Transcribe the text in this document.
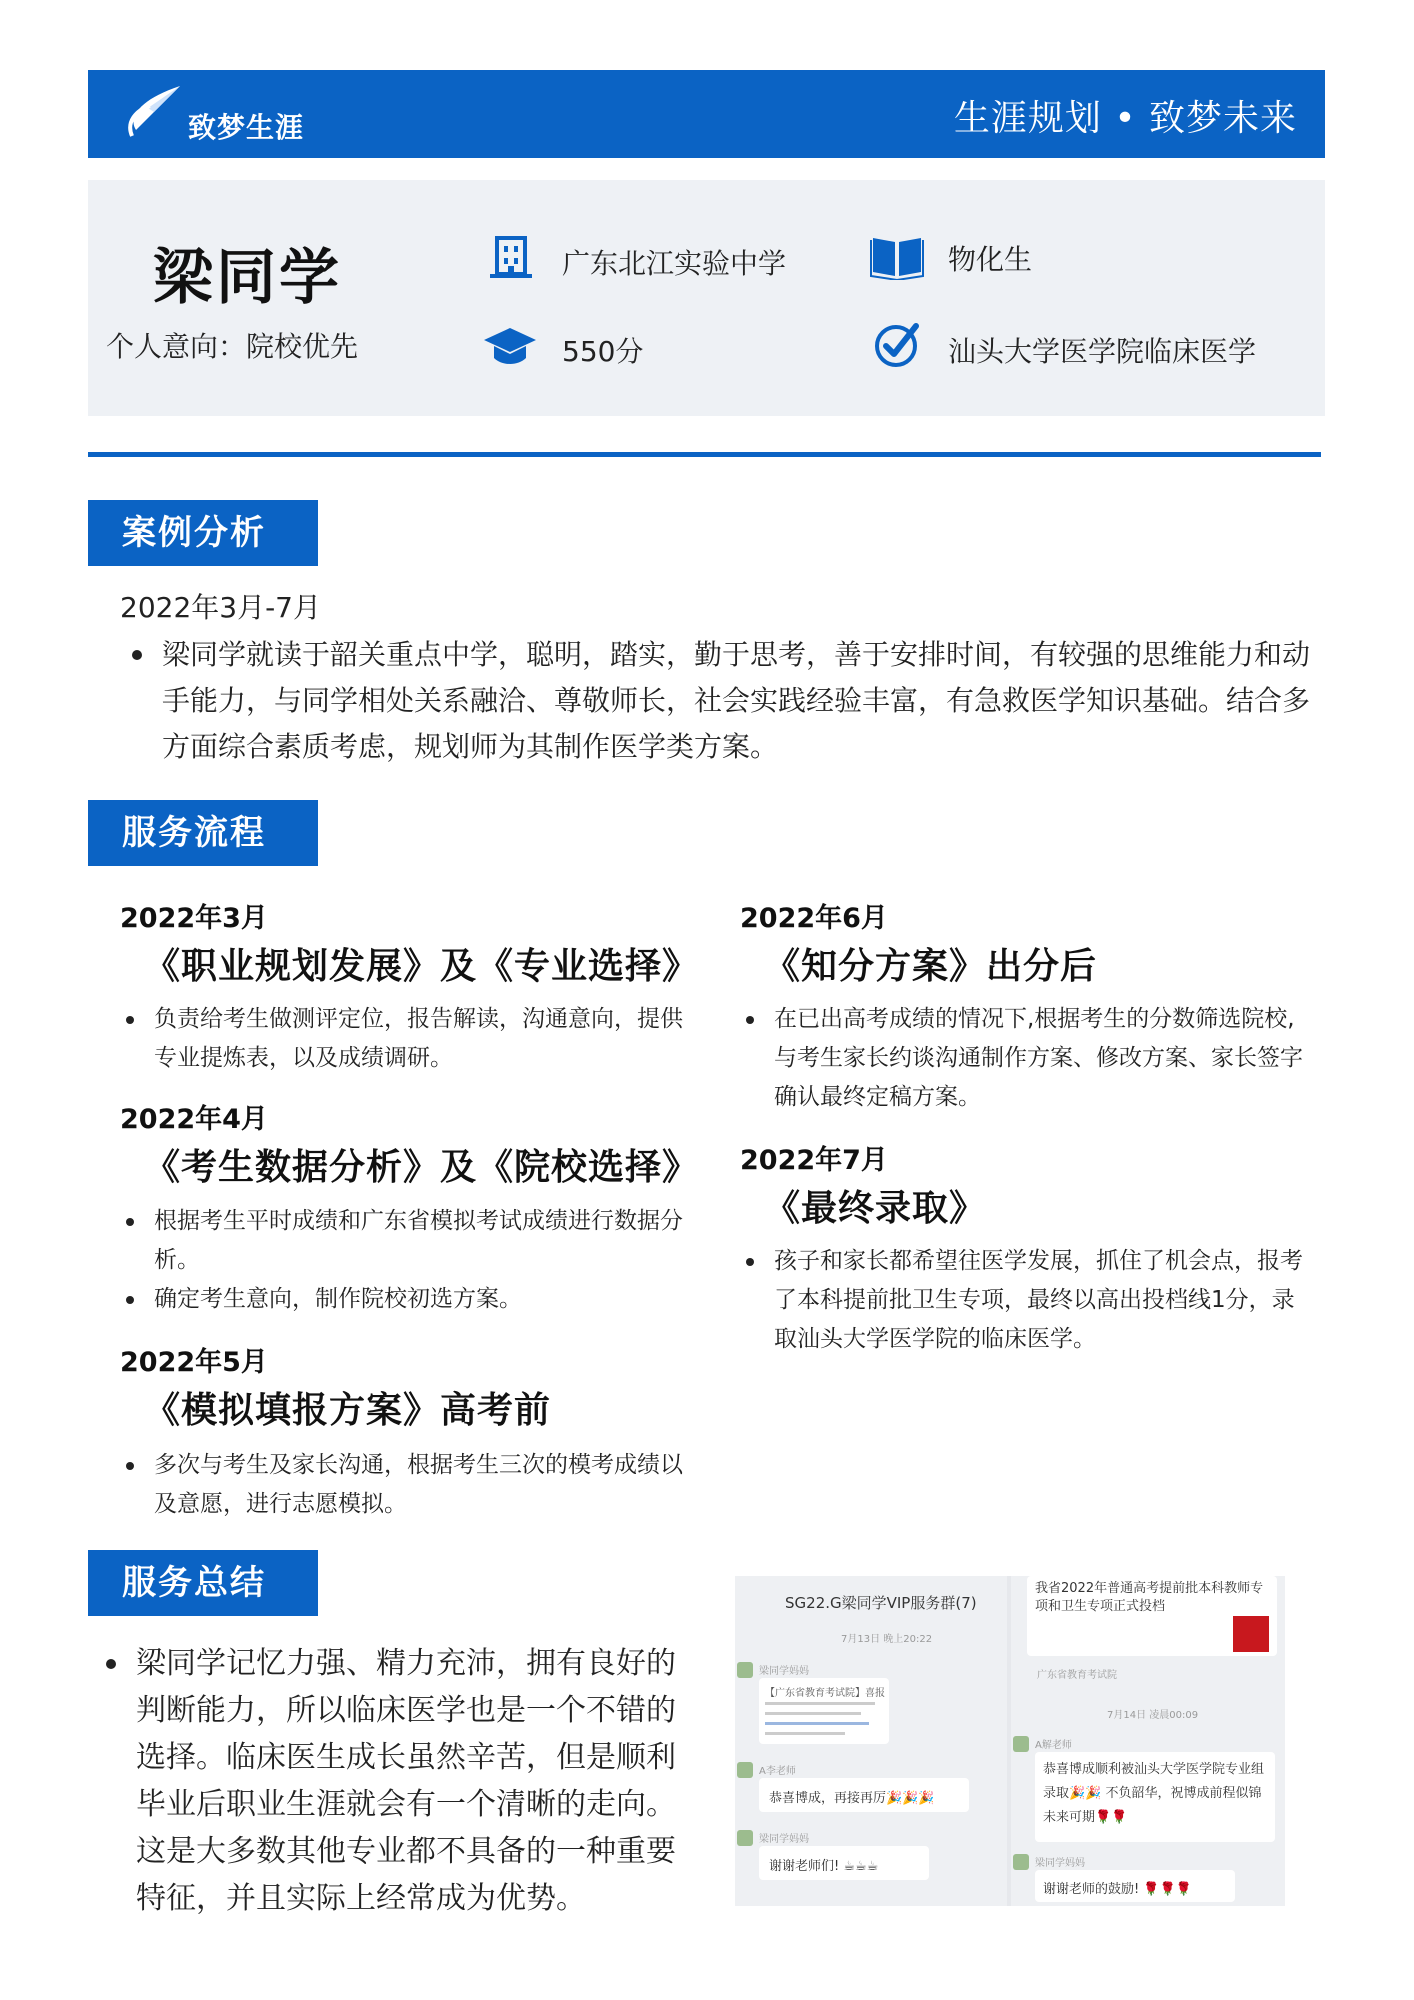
致梦生涯	生涯规划 • 致梦未来
梁同学
个人意向：院校优先
广东北江实验中学	物化生
550分	汕头大学医学院临床医学
案例分析
2022年3月-7月
梁同学就读于韶关重点中学，聪明，踏实，勤于思考，善于安排时间，有较强的思维能力和动手能力，与同学相处关系融洽、尊敬师长，社会实践经验丰富，有急救医学知识基础。结合多方面综合素质考虑，规划师为其制作医学类方案。
服务流程
2022年3月
《职业规划发展》及《专业选择》
负责给考生做测评定位，报告解读，沟通意向，提供专业提炼表，以及成绩调研。
2022年4月
《考生数据分析》及《院校选择》
根据考生平时成绩和广东省模拟考试成绩进行数据分析。
确定考生意向，制作院校初选方案。
2022年5月
《模拟填报方案》高考前
多次与考生及家长沟通，根据考生三次的模考成绩以及意愿，进行志愿模拟。
2022年6月
《知分方案》出分后
在已出高考成绩的情况下,根据考生的分数筛选院校,与考生家长约谈沟通制作方案、修改方案、家长签字确认最终定稿方案。
2022年7月
《最终录取》
孩子和家长都希望往医学发展，抓住了机会点，报考了本科提前批卫生专项，最终以高出投档线1分，录取汕头大学医学院的临床医学。
服务总结
梁同学记忆力强、精力充沛，拥有良好的判断能力，所以临床医学也是一个不错的选择。临床医生成长虽然辛苦，但是顺利毕业后职业生涯就会有一个清晰的走向。这是大多数其他专业都不具备的一种重要特征，并且实际上经常成为优势。
SG22.G梁同学VIP服务群(7)
7月13日 晚上20:22
梁同学妈妈
【广东省教育考试院】喜报
A李老师
恭喜博成，再接再厉🎉🎉🎉
梁同学妈妈
谢谢老师们! ☕☕☕
我省2022年普通高考提前批本科教师专项和卫生专项正式投档
广东省教育考试院
7月14日 凌晨00:09
A解老师
恭喜博成顺利被汕头大学医学院专业组录取🎉🎉 不负韶华，祝博成前程似锦 未来可期🌹🌹
梁同学妈妈
谢谢老师的鼓励! 🌹🌹🌹
